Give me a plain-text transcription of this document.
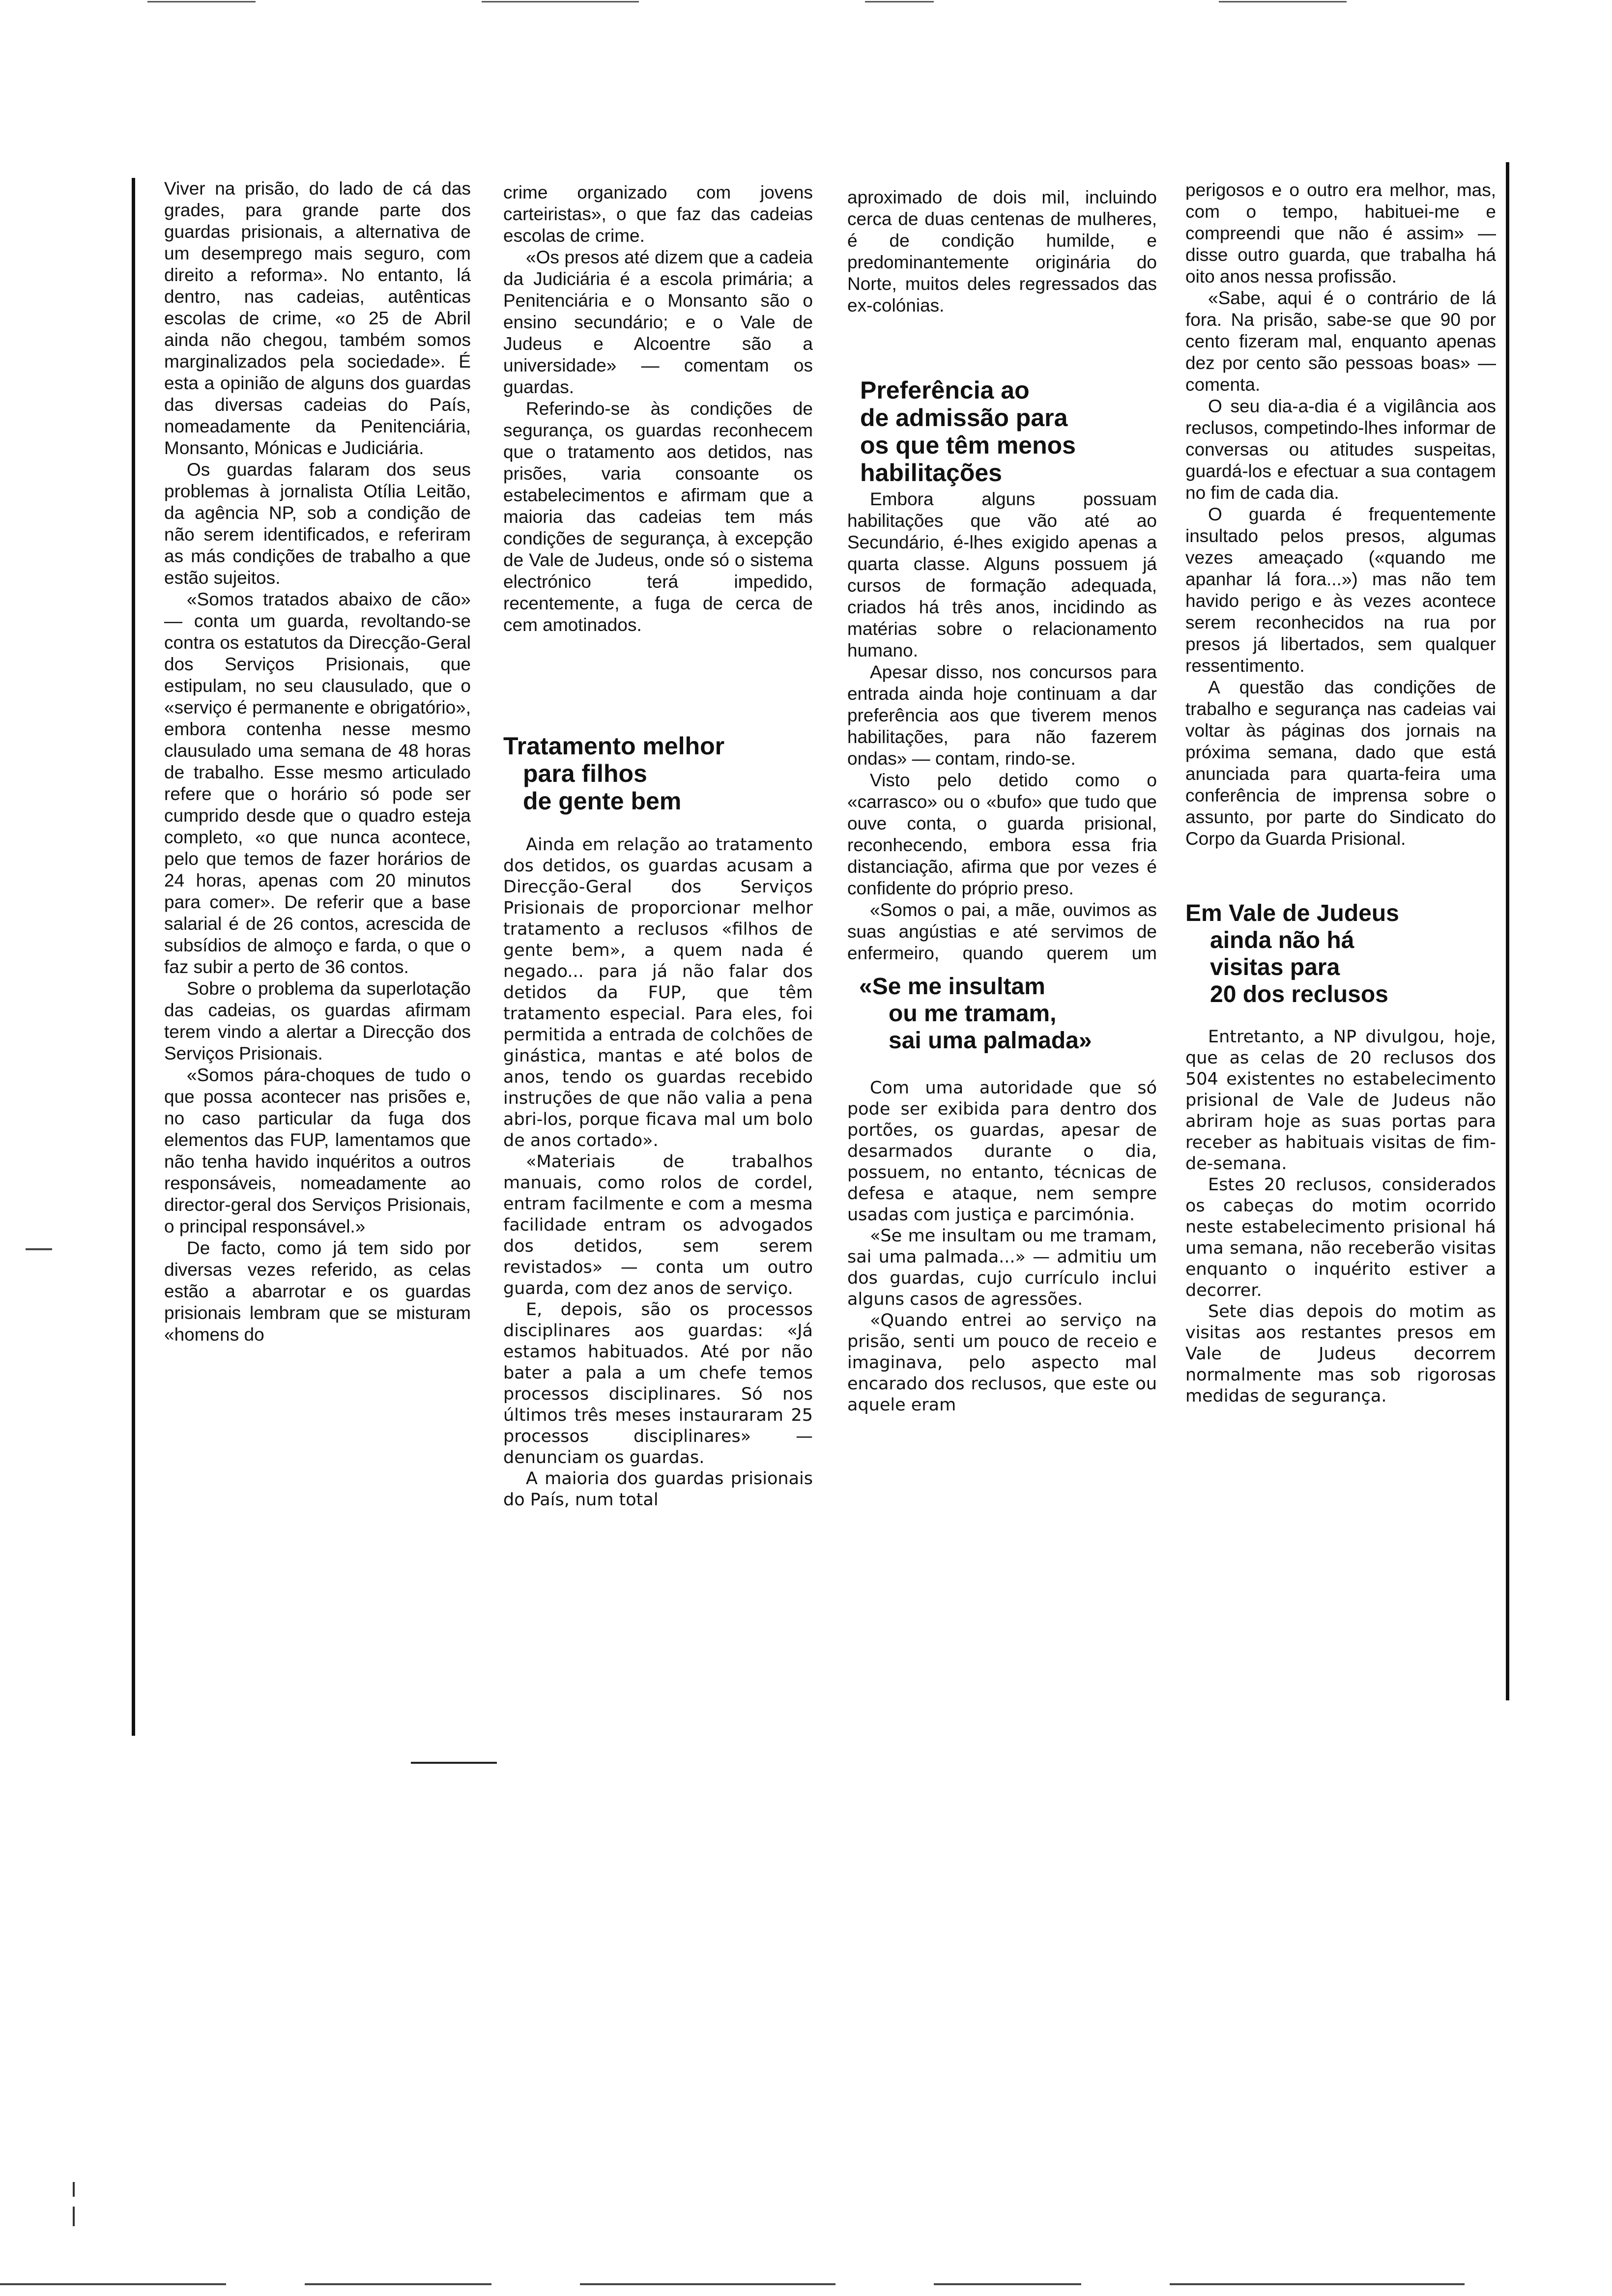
Viver na prisão, do lado de cá das grades, para grande parte dos guardas prisionais, a alternativa de um desemprego mais seguro, com direito a reforma». No entanto, lá dentro, nas cadeias, autênticas escolas de crime, «o 25 de Abril ainda não chegou, também somos marginalizados pela sociedade». É esta a opinião de alguns dos guardas das diversas cadeias do País, nomeadamente da Penitenciária, Monsanto, Mónicas e Judiciária.

Os guardas falaram dos seus problemas à jornalista Otília Leitão, da agência NP, sob a condição de não serem identificados, e referiram as más condições de trabalho a que estão sujeitos.

«Somos tratados abaixo de cão» — conta um guarda, revoltando-se contra os estatutos da Direcção-Geral dos Serviços Prisionais, que estipulam, no seu clausulado, que o «serviço é permanente e obrigatório», embora contenha nesse mesmo clausulado uma semana de 48 horas de trabalho. Esse mesmo articulado refere que o horário só pode ser cumprido desde que o quadro esteja completo, «o que nunca acontece, pelo que temos de fazer horários de 24 horas, apenas com 20 minutos para comer». De referir que a base salarial é de 26 contos, acrescida de subsídios de almoço e farda, o que o faz subir a perto de 36 contos.

Sobre o problema da superlotação das cadeias, os guardas afirmam terem vindo a alertar a Direcção dos Serviços Prisionais.

«Somos pára-choques de tudo o que possa acontecer nas prisões e, no caso particular da fuga dos elementos das FUP, lamentamos que não tenha havido inquéritos a outros responsáveis, nomeadamente ao director-geral dos Serviços Prisionais, o principal responsável.»

De facto, como já tem sido por diversas vezes referido, as celas estão a abarrotar e os guardas prisionais lembram que se misturam «homens do

crime organizado com jovens carteiristas», o que faz das cadeias escolas de crime.

«Os presos até dizem que a cadeia da Judiciária é a escola primária; a Penitenciária e o Monsanto são o ensino secundário; e o Vale de Judeus e Alcoentre são a universidade» — comentam os guardas.

Referindo-se às condições de segurança, os guardas reconhecem que o tratamento aos detidos, nas prisões, varia consoante os estabelecimentos e afirmam que a maioria das cadeias tem más condições de segurança, à excepção de Vale de Judeus, onde só o sistema electrónico terá impedido, recentemente, a fuga de cerca de cem amotinados.

Tratamento melhor
para filhos
de gente bem

Ainda em relação ao tratamento dos detidos, os guardas acusam a Direcção-Geral dos Serviços Prisionais de proporcionar melhor tratamento a reclusos «filhos de gente bem», a quem nada é negado... para já não falar dos detidos da FUP, que têm tratamento especial. Para eles, foi permitida a entrada de colchões de ginástica, mantas e até bolos de anos, tendo os guardas recebido instruções de que não valia a pena abri-los, porque ficava mal um bolo de anos cortado».

«Materiais de trabalhos manuais, como rolos de cordel, entram facilmente e com a mesma facilidade entram os advogados dos detidos, sem serem revistados» — conta um outro guarda, com dez anos de serviço.

E, depois, são os processos disciplinares aos guardas: «Já estamos habituados. Até por não bater a pala a um chefe temos processos disciplinares. Só nos últimos três meses instauraram 25 processos disciplinares» — denunciam os guardas.

A maioria dos guardas prisionais do País, num total

aproximado de dois mil, incluindo cerca de duas centenas de mulheres, é de condição humilde, e predominantemente originária do Norte, muitos deles regressados das ex-colónias.

Preferência ao
de admissão para
os que têm menos
habilitações

Embora alguns possuam habilitações que vão até ao Secundário, é-lhes exigido apenas a quarta classe. Alguns possuem já cursos de formação adequada, criados há três anos, incidindo as matérias sobre o relacionamento humano.

Apesar disso, nos concursos para entrada ainda hoje continuam a dar preferência aos que tiverem menos habilitações, para não fazerem ondas» — contam, rindo-se.

Visto pelo detido como o «carrasco» ou o «bufo» que tudo que ouve conta, o guarda prisional, reconhecendo, embora essa fria distanciação, afirma que por vezes é confidente do próprio preso.

«Somos o pai, a mãe, ouvimos as suas angústias e até servimos de enfermeiro, quando querem um

«Se me insultam
ou me tramam,
sai uma palmada»

Com uma autoridade que só pode ser exibida para dentro dos portões, os guardas, apesar de desarmados durante o dia, possuem, no entanto, técnicas de defesa e ataque, nem sempre usadas com justiça e parcimónia.

«Se me insultam ou me tramam, sai uma palmada...» — admitiu um dos guardas, cujo currículo inclui alguns casos de agressões.

«Quando entrei ao serviço na prisão, senti um pouco de receio e imaginava, pelo aspecto mal encarado dos reclusos, que este ou aquele eram

perigosos e o outro era melhor, mas, com o tempo, habituei-me e compreendi que não é assim» — disse outro guarda, que trabalha há oito anos nessa profissão.

«Sabe, aqui é o contrário de lá fora. Na prisão, sabe-se que 90 por cento fizeram mal, enquanto apenas dez por cento são pessoas boas» — comenta.

O seu dia-a-dia é a vigilância aos reclusos, competindo-lhes informar de conversas ou atitudes suspeitas, guardá-los e efectuar a sua contagem no fim de cada dia.

O guarda é frequentemente insultado pelos presos, algumas vezes ameaçado («quando me apanhar lá fora...») mas não tem havido perigo e às vezes acontece serem reconhecidos na rua por presos já libertados, sem qualquer ressentimento.

A questão das condições de trabalho e segurança nas cadeias vai voltar às páginas dos jornais na próxima semana, dado que está anunciada para quarta-feira uma conferência de imprensa sobre o assunto, por parte do Sindicato do Corpo da Guarda Prisional.

Em Vale de Judeus
ainda não há
visitas para
20 dos reclusos

Entretanto, a NP divulgou, hoje, que as celas de 20 reclusos dos 504 existentes no estabelecimento prisional de Vale de Judeus não abriram hoje as suas portas para receber as habituais visitas de fim-de-semana.

Estes 20 reclusos, considerados os cabeças do motim ocorrido neste estabelecimento prisional há uma semana, não receberão visitas enquanto o inquérito estiver a decorrer.

Sete dias depois do motim as visitas aos restantes presos em Vale de Judeus decorrem normalmente mas sob rigorosas medidas de segurança.
